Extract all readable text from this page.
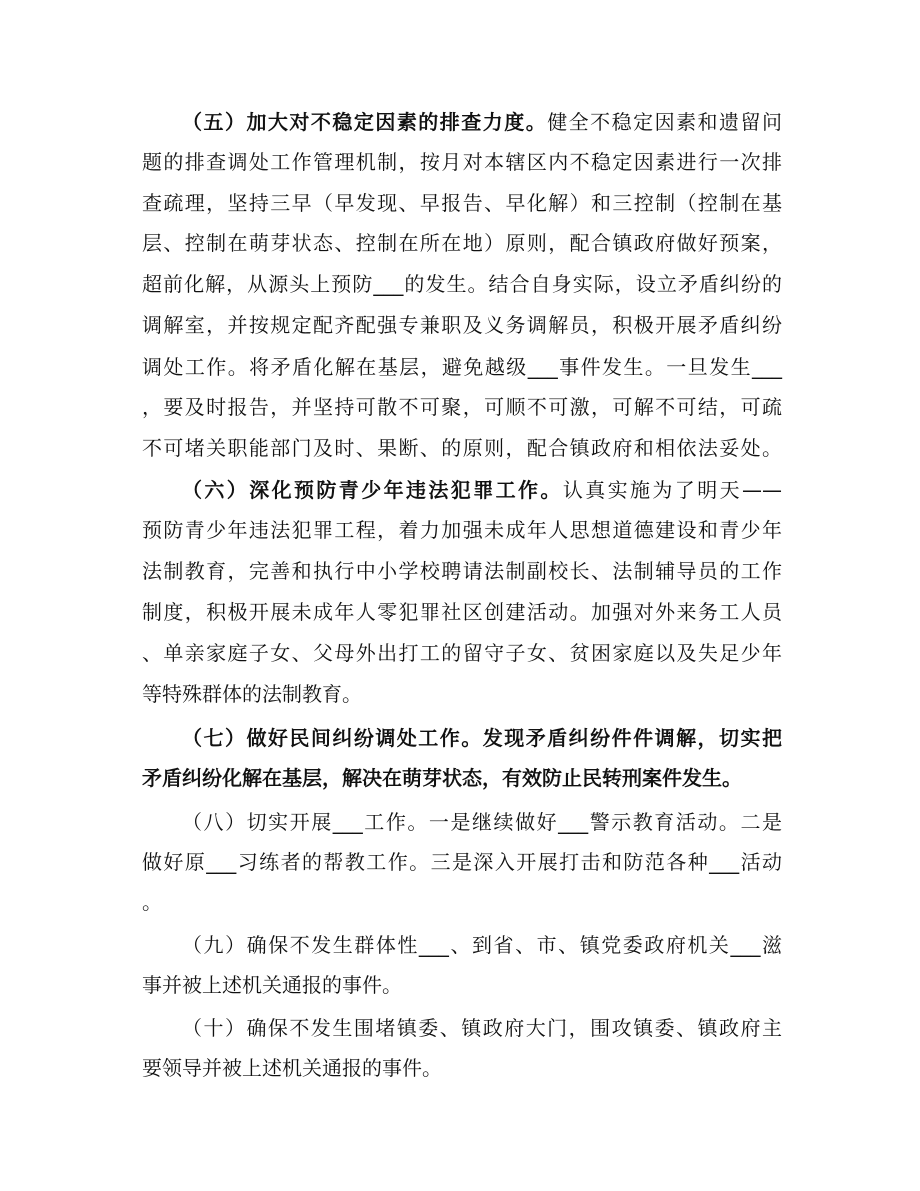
（五）加大对不稳定因素的排查力度。健全不稳定因素和遗留问
题的排查调处工作管理机制，按月对本辖区内不稳定因素进行一次排
查疏理，坚持三早（早发现、早报告、早化解）和三控制（控制在基
层、控制在萌芽状态、控制在所在地）原则，配合镇政府做好预案，
超前化解，从源头上预防___的发生。结合自身实际，设立矛盾纠纷的
调解室，并按规定配齐配强专兼职及义务调解员，积极开展矛盾纠纷
调处工作。将矛盾化解在基层，避免越级___事件发生。一旦发生___
，要及时报告，并坚持可散不可聚，可顺不可激，可解不可结，可疏
不可堵关职能部门及时、果断、的原则，配合镇政府和相依法妥处。
（六）深化预防青少年违法犯罪工作。认真实施为了明天——
预防青少年违法犯罪工程，着力加强未成年人思想道德建设和青少年
法制教育，完善和执行中小学校聘请法制副校长、法制辅导员的工作
制度，积极开展未成年人零犯罪社区创建活动。加强对外来务工人员
、单亲家庭子女、父母外出打工的留守子女、贫困家庭以及失足少年
等特殊群体的法制教育。
（七）做好民间纠纷调处工作。发现矛盾纠纷件件调解，切实把
矛盾纠纷化解在基层，解决在萌芽状态，有效防止民转刑案件发生。
（八）切实开展___工作。一是继续做好___警示教育活动。二是
做好原___习练者的帮教工作。三是深入开展打击和防范各种___活动
。
（九）确保不发生群体性___、到省、市、镇党委政府机关___滋
事并被上述机关通报的事件。
（十）确保不发生围堵镇委、镇政府大门，围攻镇委、镇政府主
要领导并被上述机关通报的事件。
